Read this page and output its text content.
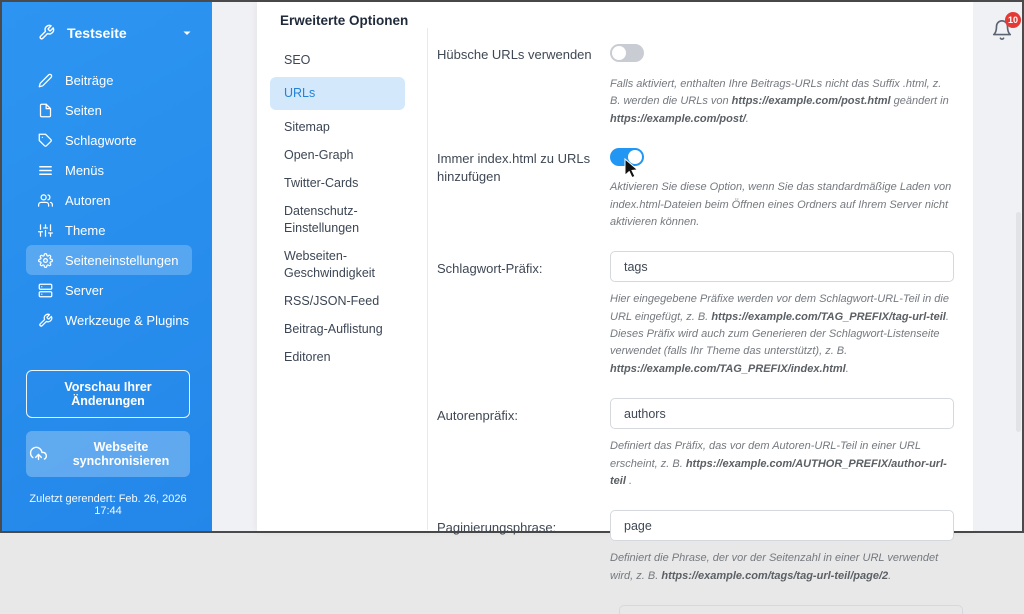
Testseite
Beiträge
Seiten
Schlagworte
Menüs
Autoren
Theme
Seiteneinstellungen
Server
Werkzeuge & Plugins
Vorschau Ihrer Änderungen
Webseite synchronisieren
Zuletzt gerendert: Feb. 26, 2026 17:44
Erweiterte Optionen
SEO
URLs
Sitemap
Open-Graph
Twitter-Cards
Datenschutz-Einstellungen
Webseiten-Geschwindigkeit
RSS/JSON-Feed
Beitrag-Auflistung
Editoren
Hübsche URLs verwenden
Falls aktiviert, enthalten Ihre Beitrags-URLs nicht das Suffix .html, z. B. werden die URLs von https://example.com/post.html geändert in https://example.com/post/.
Immer index.html zu URLs hinzufügen
Aktivieren Sie diese Option, wenn Sie das standardmäßige Laden von index.html-Dateien beim Öffnen eines Ordners auf Ihrem Server nicht aktivieren können.
Schlagwort-Präfix:
tags
Hier eingegebene Präfixe werden vor dem Schlagwort-URL-Teil in die URL eingefügt, z. B. https://example.com/TAG_PREFIX/tag-url-teil.
Dieses Präfix wird auch zum Generieren der Schlagwort-Listenseite verwendet (falls Ihr Theme das unterstützt), z. B. https://example.com/TAG_PREFIX/index.html.
Autorenpräfix:
authors
Definiert das Präfix, das vor dem Autoren-URL-Teil in einer URL erscheint, z. B. https://example.com/AUTHOR_PREFIX/author-url-teil .
Paginierungsphrase:
page
Definiert die Phrase, der vor der Seitenzahl in einer URL verwendet wird, z. B. https://example.com/tags/tag-url-teil/page/2.
10
